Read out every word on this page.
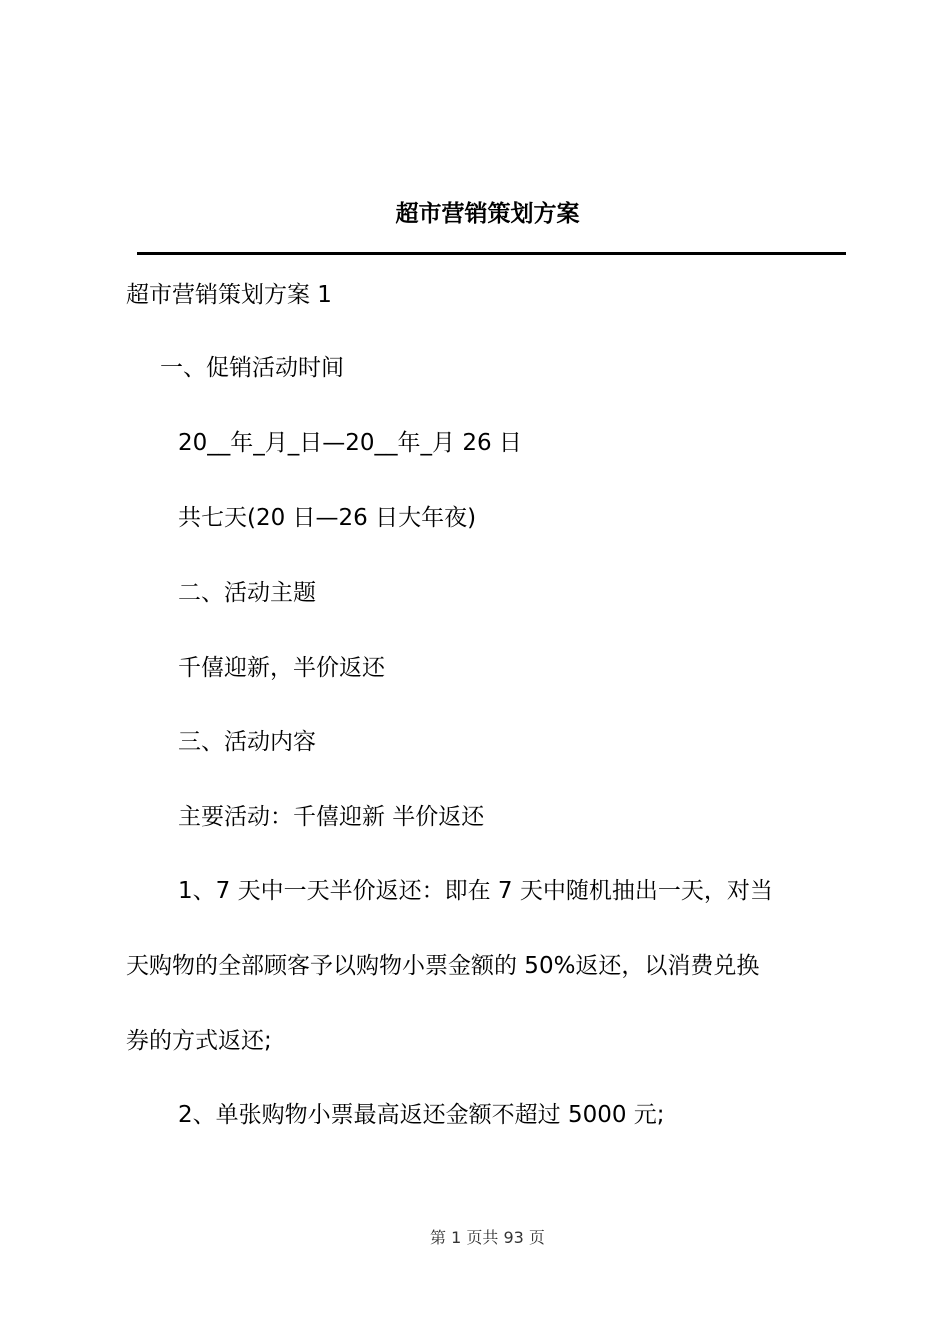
超市营销策划方案

超市营销策划方案 1

一、促销活动时间

20__年_月_日—20__年_月 26 日

共七天(20 日—26 日大年夜)

二、活动主题

千僖迎新，半价返还

三、活动内容

主要活动：千僖迎新 半价返还

1、7 天中一天半价返还：即在 7 天中随机抽出一天，对当

天购物的全部顾客予以购物小票金额的 50%返还，以消费兑换

券的方式返还;

2、单张购物小票最高返还金额不超过 5000 元;

第 1 页共 93 页
